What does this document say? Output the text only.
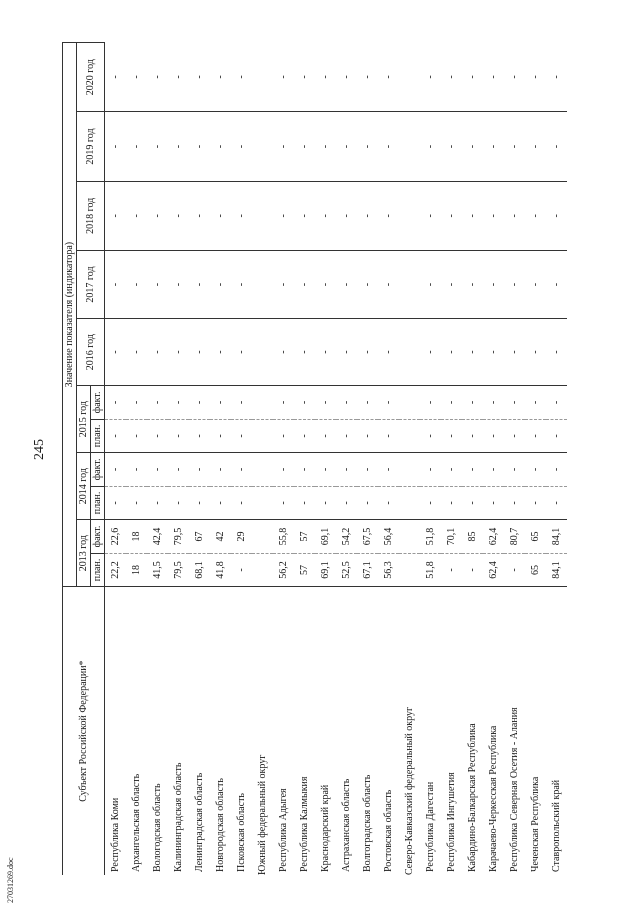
245
Субъект Российской Федерации*	Значение показателя (индикатора)										
	2013 год		2014 год		2015 год		2016 год	2017 год	2018 год	2019 год	2020 год
	план.	факт.	план.	факт.	план.	факт.					
Республика Коми	22,2	22,6	-	-	-	-	-	-	-	-	-
Архангельская область	18	18	-	-	-	-	-	-	-	-	-
Вологодская область	41,5	42,4	-	-	-	-	-	-	-	-	-
Калининградская область	79,5	79,5	-	-	-	-	-	-	-	-	-
Ленинградская область	68,1	67	-	-	-	-	-	-	-	-	-
Новгородская область	41,8	42	-	-	-	-	-	-	-	-	-
Псковская область	-	29	-	-	-	-	-	-	-	-	-
Южный федеральный округ											
Республика Адыгея	56,2	55,8	-	-	-	-	-	-	-	-	-
Республика Калмыкия	57	57	-	-	-	-	-	-	-	-	-
Краснодарский край	69,1	69,1	-	-	-	-	-	-	-	-	-
Астраханская область	52,5	54,2	-	-	-	-	-	-	-	-	-
Волгоградская область	67,1	67,5	-	-	-	-	-	-	-	-	-
Ростовская область	56,3	56,4	-	-	-	-	-	-	-	-	-
Северо-Кавказский федеральный округ											
Республика Дагестан	51,8	51,8	-	-	-	-	-	-	-	-	-
Республика Ингушетия	-	70,1	-	-	-	-	-	-	-	-	-
Кабардино-Балкарская Республика	-	85	-	-	-	-	-	-	-	-	-
Карачаево-Черкесская Республика	62,4	62,4	-	-	-	-	-	-	-	-	-
Республика Северная Осетия - Алания	-	80,7	-	-	-	-	-	-	-	-	-
Чеченская Республика	65	65	-	-	-	-	-	-	-	-	-
Ставропольский край	84,1	84,1	-	-	-	-	-	-	-	-	-
27031269.doc
